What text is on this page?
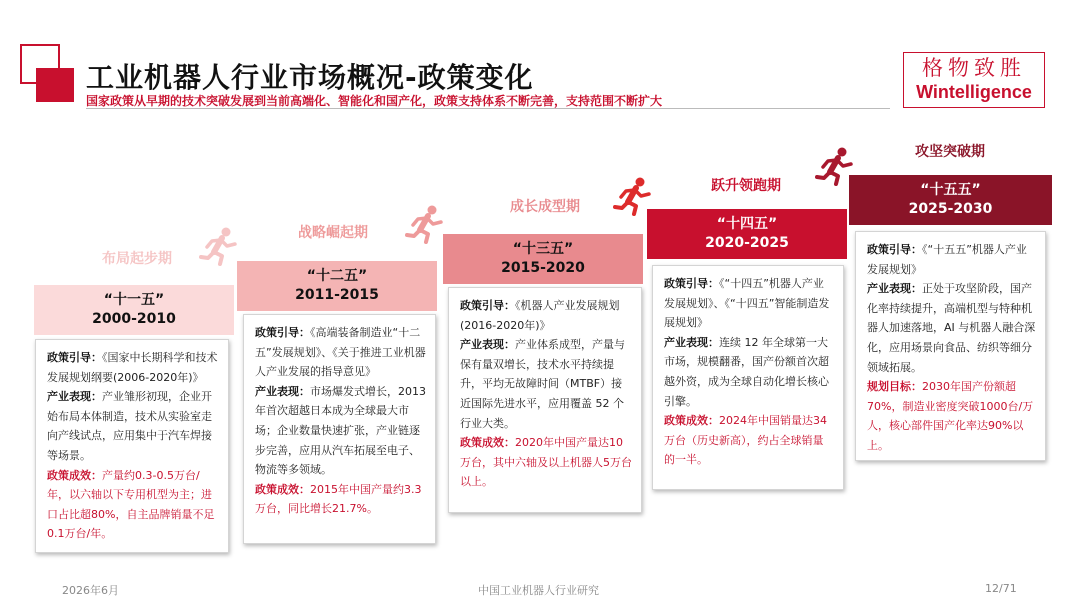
工业机器人行业市场概况-政策变化
国家政策从早期的技术突破发展到当前高端化、智能化和国产化，政策支持体系不断完善，支持范围不断扩大
格物致胜
Wintelligence
布局起步期
“十一五”
2000-2010
政策引导：《国家中长期科学和技术发展规划纲要(2006-2020年)》
产业表现：产业雏形初现，企业开始布局本体制造，技术从实验室走向产线试点，应用集中于汽车焊接等场景。
政策成效：产量约0.3-0.5万台/年，以六轴以下专用机型为主；进口占比超80%，自主品牌销量不足0.1万台/年。
战略崛起期
“十二五”
2011-2015
政策引导：《高端装备制造业“十二五”发展规划》、《关于推进工业机器人产业发展的指导意见》
产业表现：市场爆发式增长，2013年首次超越日本成为全球最大市场；企业数量快速扩张，产业链逐步完善，应用从汽车拓展至电子、物流等多领域。
政策成效：2015年中国产量约3.3万台，同比增长21.7%。
成长成型期
“十三五”
2015-2020
政策引导：《机器人产业发展规划(2016-2020年)》
产业表现：产业体系成型，产量与保有量双增长，技术水平持续提升，平均无故障时间（MTBF）接近国际先进水平，应用覆盖 52 个行业大类。
政策成效：2020年中国产量达10万台，其中六轴及以上机器人5万台以上。
跃升领跑期
“十四五”
2020-2025
政策引导：《“十四五”机器人产业发展规划》、《“十四五”智能制造发展规划》
产业表现：连续 12 年全球第一大市场，规模翻番，国产份额首次超越外资，成为全球自动化增长核心引擎。
政策成效：2024年中国销量达34万台（历史新高），约占全球销量的一半。
攻坚突破期
“十五五”
2025-2030
政策引导：《“十五五”机器人产业发展规划》
产业表现：正处于攻坚阶段，国产化率持续提升，高端机型与特种机器人加速落地，AI 与机器人融合深化，应用场景向食品、纺织等细分领域拓展。
规划目标：2030年国产份额超70%，制造业密度突破1000台/万人，核心部件国产化率达90%以上。
2026年6月	中国工业机器人行业研究	12/71
